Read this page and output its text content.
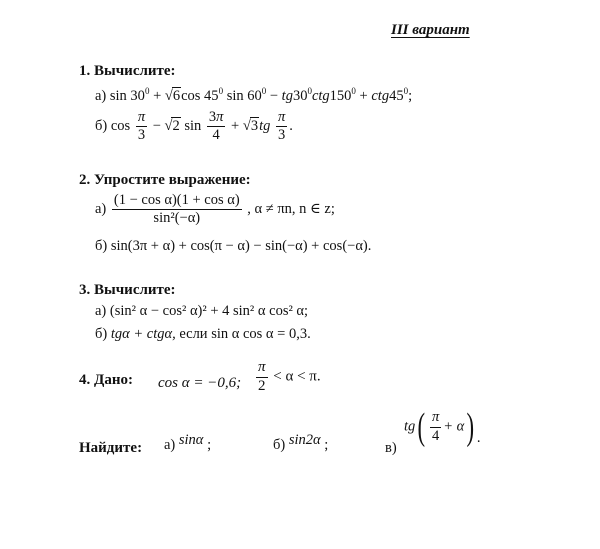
III вариант
1. Вычислите:
а) $\sin 30^0 + √6\cos$ $45^0$ $\sin 60^0 - tg30^0ctg150^0 + ctg45^0$;
б) $\cos \frac{\pi}{3} - √2$ $\sin \frac{3\pi}{4} + √3tg \frac{\pi}{3}$ .
2. Упростите выражение:
$а) \frac{\text{(1 − cos α)(1 + cos α)}}{\text{sin²(−α)}}$ , α ≠ πn, n ∈ z;
б) sin(3π + α) + cos(π − α) − sin(−α) + cos(−α).
3. Вычислите:
а) (sin² α − cos² α)² + 4 sin² α cos² α;
б) tgα + ctgα, если sin α cos α = 0,3.
4. Дано: cos α = −0,6; $\frac{\pi}{2} < \alpha < \pi$.
Найдите: а) sinα ;	б) sin2α ;	в)
$tg( \frac{\pi}{4} + \alpha)$ .
